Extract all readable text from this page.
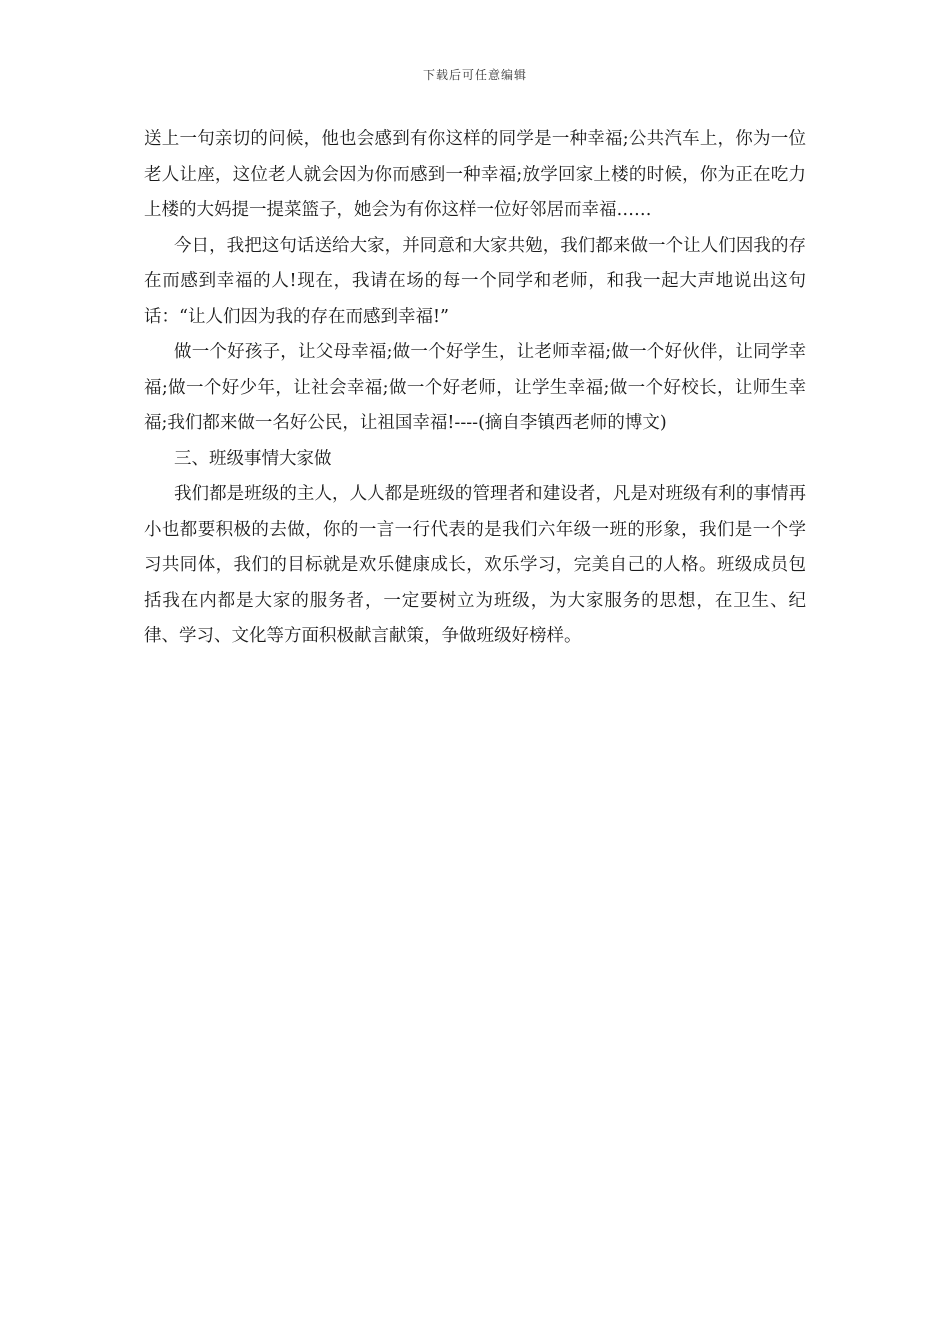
下载后可任意编辑

送上一句亲切的问候，他也会感到有你这样的同学是一种幸福;公共汽车上，你为一位老人让座，这位老人就会因为你而感到一种幸福;放学回家上楼的时候，你为正在吃力上楼的大妈提一提菜篮子，她会为有你这样一位好邻居而幸福……

今日，我把这句话送给大家，并同意和大家共勉，我们都来做一个让人们因我的存在而感到幸福的人!现在，我请在场的每一个同学和老师，和我一起大声地说出这句话：“让人们因为我的存在而感到幸福!”

做一个好孩子，让父母幸福;做一个好学生，让老师幸福;做一个好伙伴，让同学幸福;做一个好少年，让社会幸福;做一个好老师，让学生幸福;做一个好校长，让师生幸福;我们都来做一名好公民，让祖国幸福!----(摘自李镇西老师的博文)

三、班级事情大家做

我们都是班级的主人，人人都是班级的管理者和建设者，凡是对班级有利的事情再小也都要积极的去做，你的一言一行代表的是我们六年级一班的形象，我们是一个学习共同体，我们的目标就是欢乐健康成长，欢乐学习，完美自己的人格。班级成员包括我在内都是大家的服务者，一定要树立为班级，为大家服务的思想，在卫生、纪律、学习、文化等方面积极献言献策，争做班级好榜样。
